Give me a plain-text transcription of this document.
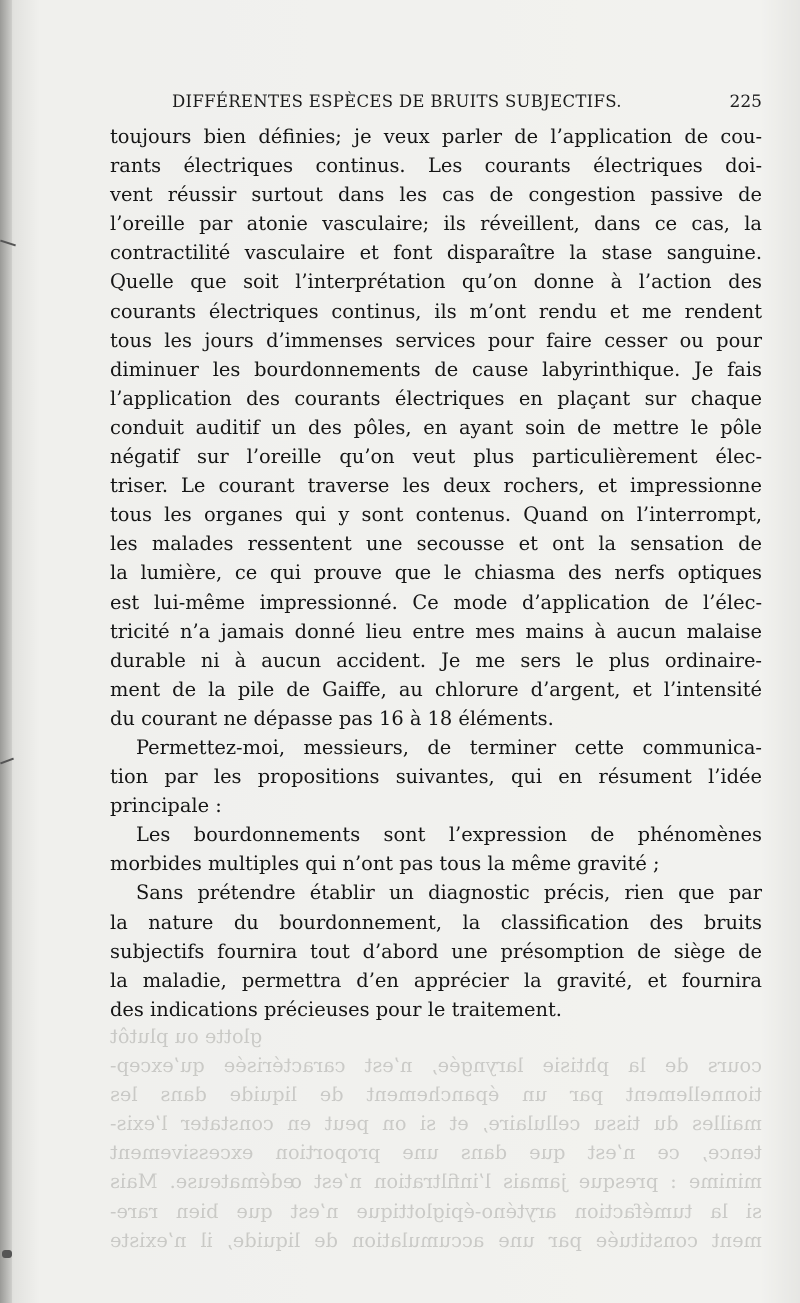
glotte ou plutôt
cours de la phtisie laryngée, n’est caractérisée qu’excep-
tionnellement par un épanchement de liquide dans les
mailles du tissu cellulaire, et si on peut en constater l’exis-
tence, ce n’est que dans une proportion excessivement
minime : presque jamais l’infiltration n’est œdémateuse. Mais
si la tuméfaction aryténo-épiglottique n’est que bien rare-
ment constituée par une accumulation de liquide, il n’existe
DIFFÉRENTES ESPÈCES DE BRUITS SUBJECTIFS.	225
toujours bien définies; je veux parler de l’application de cou-
rants électriques continus. Les courants électriques doi-
vent réussir surtout dans les cas de congestion passive de
l’oreille par atonie vasculaire; ils réveillent, dans ce cas, la
contractilité vasculaire et font disparaître la stase sanguine.
Quelle que soit l’interprétation qu’on donne à l’action des
courants électriques continus, ils m’ont rendu et me rendent
tous les jours d’immenses services pour faire cesser ou pour
diminuer les bourdonnements de cause labyrinthique. Je fais
l’application des courants électriques en plaçant sur chaque
conduit auditif un des pôles, en ayant soin de mettre le pôle
négatif sur l’oreille qu’on veut plus particulièrement élec-
triser. Le courant traverse les deux rochers, et impressionne
tous les organes qui y sont contenus. Quand on l’interrompt,
les malades ressentent une secousse et ont la sensation de
la lumière, ce qui prouve que le chiasma des nerfs optiques
est lui-même impressionné. Ce mode d’application de l’élec-
tricité n’a jamais donné lieu entre mes mains à aucun malaise
durable ni à aucun accident. Je me sers le plus ordinaire-
ment de la pile de Gaiffe, au chlorure d’argent, et l’intensité
du courant ne dépasse pas 16 à 18 éléments.
Permettez-moi, messieurs, de terminer cette communica-
tion par les propositions suivantes, qui en résument l’idée
principale :
Les bourdonnements sont l’expression de phénomènes
morbides multiples qui n’ont pas tous la même gravité ;
Sans prétendre établir un diagnostic précis, rien que par
la nature du bourdonnement, la classification des bruits
subjectifs fournira tout d’abord une présomption de siège de
la maladie, permettra d’en apprécier la gravité, et fournira
des indications précieuses pour le traitement.
